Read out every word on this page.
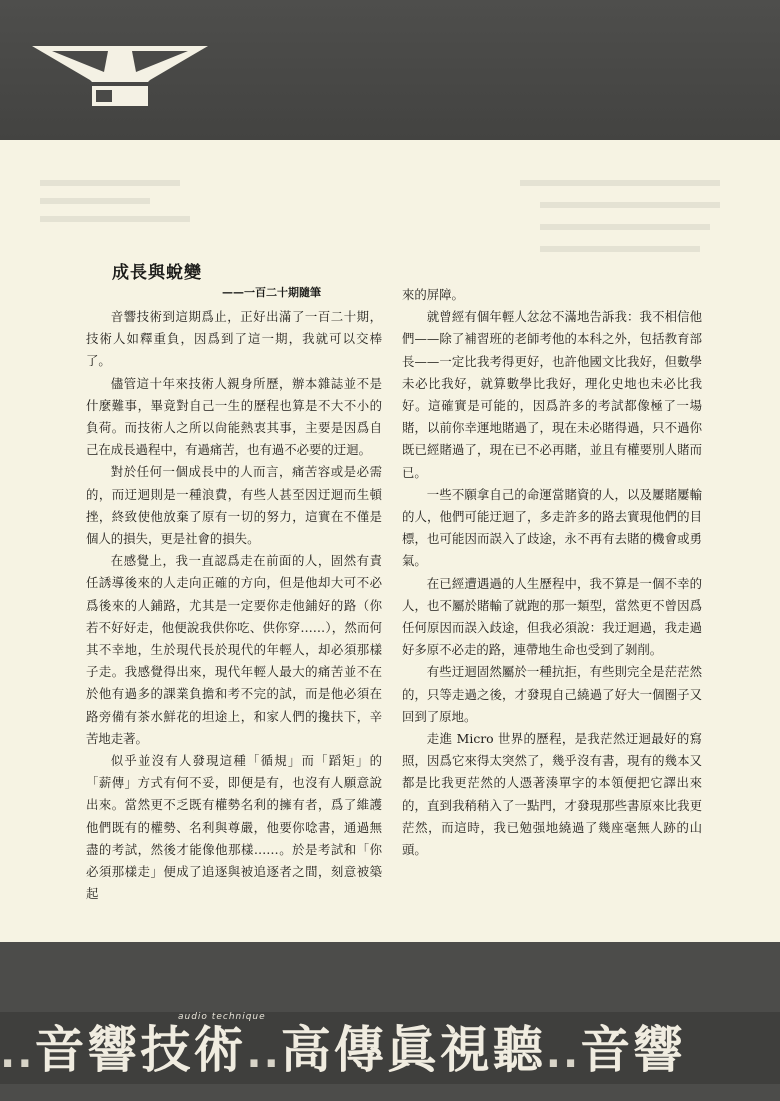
成長與蛻變
——一百二十期隨筆

音響技術到這期爲止，正好出滿了一百二十期，技術人如釋重負，因爲到了這一期，我就可以交棒了。

儘管這十年來技術人親身所歷，辦本雜誌並不是什麼難事，畢竟對自己一生的歷程也算是不大不小的負荷。而技術人之所以尙能熱衷其事，主要是因爲自己在成長過程中，有過痛苦，也有過不必要的迂迴。

對於任何一個成長中的人而言，痛苦容或是必需的，而迂迴則是一種浪費，有些人甚至因迂迴而生頓挫，終致使他放棄了原有一切的努力，這實在不僅是個人的損失，更是社會的損失。

在感覺上，我一直認爲走在前面的人，固然有責任誘導後來的人走向正確的方向，但是他却大可不必爲後來的人鋪路，尤其是一定要你走他鋪好的路（你若不好好走，他便說我供你吃、供你穿……），然而何其不幸地，生於現代長於現代的年輕人，却必須那樣子走。我感覺得出來，現代年輕人最大的痛苦並不在於他有過多的課業負擔和考不完的試，而是他必須在路旁備有茶水鮮花的坦途上，和家人們的攙扶下，辛苦地走著。

似乎並沒有人發現這種「循規」而「蹈矩」的「薪傳」方式有何不妥，即便是有，也沒有人願意說出來。當然更不乏既有權勢名利的擁有者，爲了維護他們既有的權勢、名利與尊嚴，他要你唸書，通過無盡的考試，然後才能像他那樣……。於是考試和「你必須那樣走」便成了追逐與被追逐者之間，刻意被築起

來的屏障。

就曾經有個年輕人忿忿不滿地告訴我：我不相信他們——除了補習班的老師考他的本科之外，包括教育部長——一定比我考得更好，也許他國文比我好，但數學未必比我好，就算數學比我好，理化史地也未必比我好。這確實是可能的，因爲許多的考試都像極了一場賭，以前你幸運地賭過了，現在未必賭得過，只不過你既已經賭過了，現在已不必再賭，並且有權要別人賭而已。

一些不願拿自己的命運當賭資的人，以及屢賭屢輸的人，他們可能迂迴了，多走許多的路去實現他們的目標，也可能因而誤入了歧途，永不再有去賭的機會或勇氣。

在已經遭遇過的人生歷程中，我不算是一個不幸的人，也不屬於賭輸了就跑的那一類型，當然更不曾因爲任何原因而誤入歧途，但我必須說：我迂迴過，我走過好多原不必走的路，連帶地生命也受到了剝削。

有些迂迴固然屬於一種抗拒，有些則完全是茫茫然的，只等走過之後，才發現自己繞過了好大一個圈子又回到了原地。

走進 Micro 世界的歷程，是我茫然迂迴最好的寫照，因爲它來得太突然了，幾乎沒有書，現有的幾本又都是比我更茫然的人憑著湊單字的本領便把它譯出來的，直到我稍稍入了一點門，才發現那些書原來比我更茫然，而這時，我已勉强地繞過了幾座毫無人跡的山頭。

audio technique
..音響技術..高傳眞視聽..音響
